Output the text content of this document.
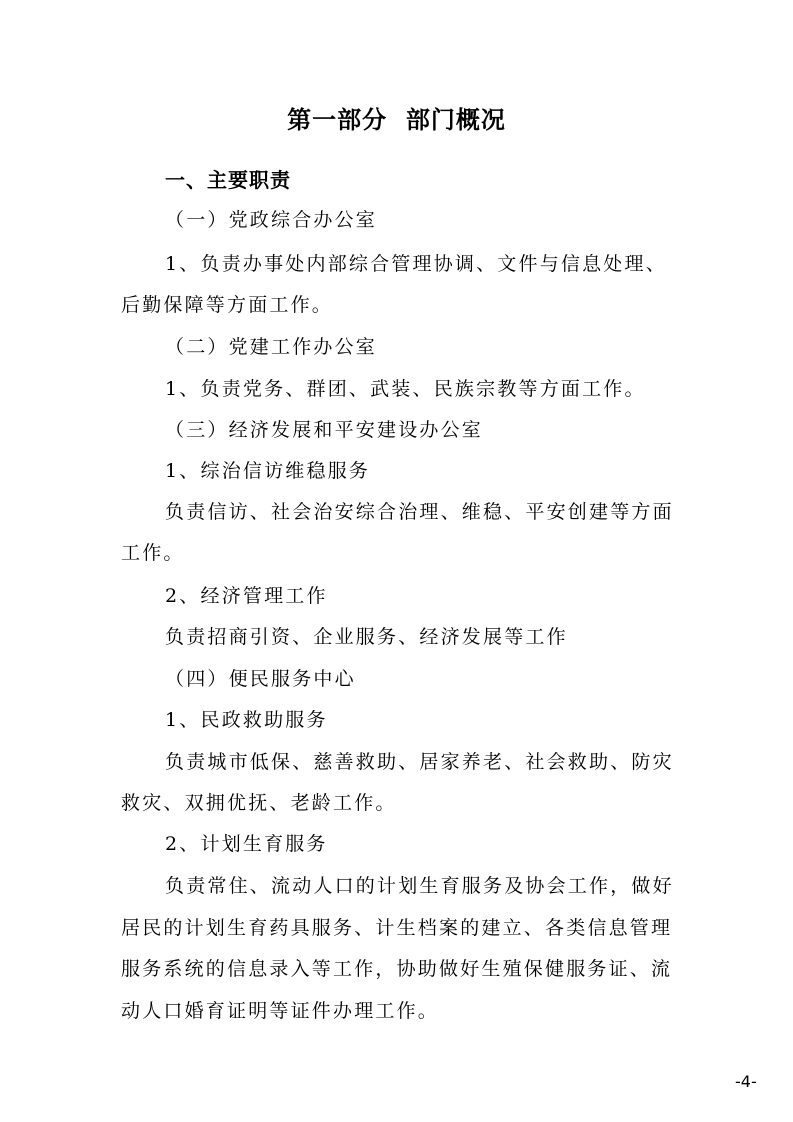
第一部分  部门概况
一、主要职责
（一）党政综合办公室
1、负责办事处内部综合管理协调、文件与信息处理、
后勤保障等方面工作。
（二）党建工作办公室
1、负责党务、群团、武装、民族宗教等方面工作。
（三）经济发展和平安建设办公室
1、综治信访维稳服务
负责信访、社会治安综合治理、维稳、平安创建等方面
工作。
2、经济管理工作
负责招商引资、企业服务、经济发展等工作
（四）便民服务中心
1、民政救助服务
负责城市低保、慈善救助、居家养老、社会救助、防灾
救灾、双拥优抚、老龄工作。
2、计划生育服务
负责常住、流动人口的计划生育服务及协会工作，做好
居民的计划生育药具服务、计生档案的建立、各类信息管理
服务系统的信息录入等工作，协助做好生殖保健服务证、流
动人口婚育证明等证件办理工作。
-4-
